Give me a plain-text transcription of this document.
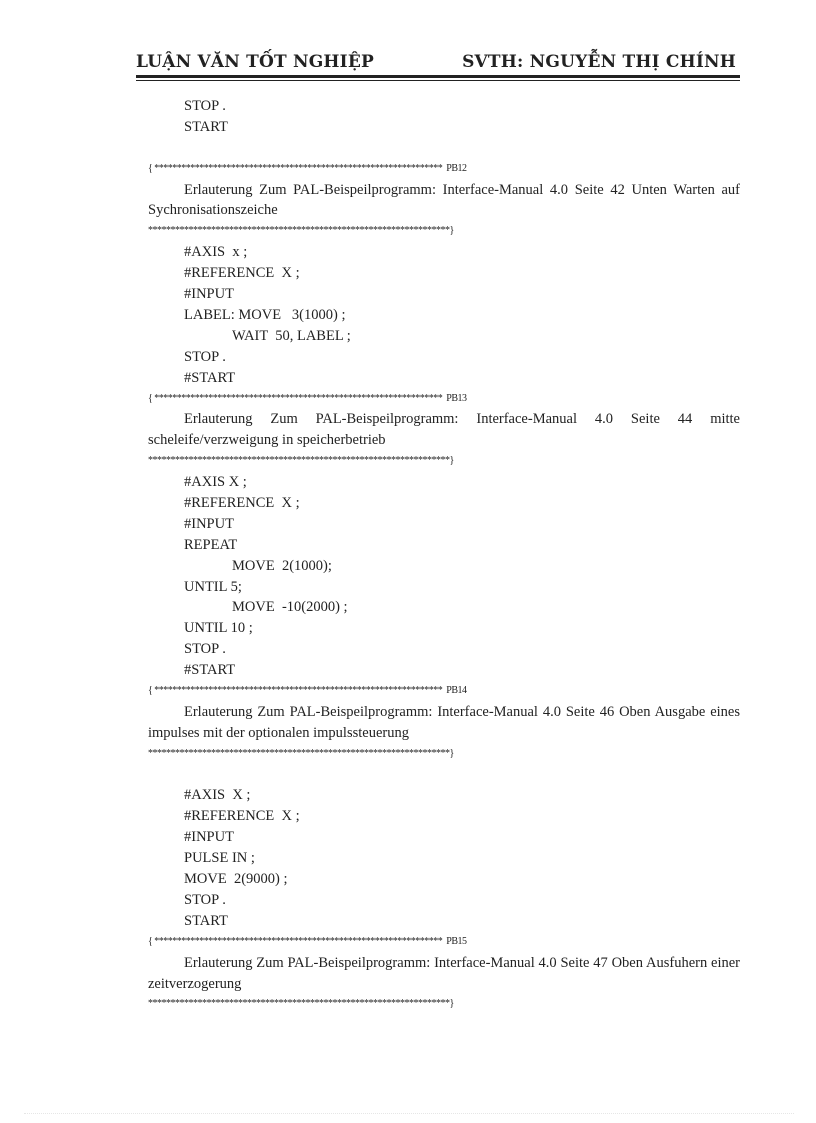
LUẬN VĂN TỐT NGHIỆP	SVTH: NGUYỄN THỊ CHÍNH
STOP .
START
{ ****************************************************************  PB12
Erlauterung Zum PAL-Beispeilprogramm: Interface-Manual 4.0 Seite 42 Unten Warten auf Sychronisationszeiche
*******************************************************************}
#AXIS  x ;
#REFERENCE  X ;
#INPUT
LABEL: MOVE   3(1000) ;
WAIT  50, LABEL ;
STOP .
#START
{ ****************************************************************  PB13
Erlauterung Zum PAL-Beispeilprogramm: Interface-Manual 4.0 Seite 44 mitte scheleife/verzweigung in speicherbetrieb
*******************************************************************}
#AXIS X ;
#REFERENCE  X ;
#INPUT
REPEAT
MOVE  2(1000);
UNTIL 5;
MOVE  -10(2000) ;
UNTIL 10 ;
STOP .
#START
{ ****************************************************************  PB14
Erlauterung Zum PAL-Beispeilprogramm: Interface-Manual 4.0 Seite 46 Oben Ausgabe eines impulses mit der optionalen impulssteuerung
*******************************************************************}
#AXIS  X ;
#REFERENCE  X ;
#INPUT
PULSE IN ;
MOVE  2(9000) ;
STOP .
START
{ ****************************************************************  PB15
Erlauterung Zum PAL-Beispeilprogramm: Interface-Manual 4.0 Seite 47 Oben Ausfuhern einer zeitverzogerung
*******************************************************************}
